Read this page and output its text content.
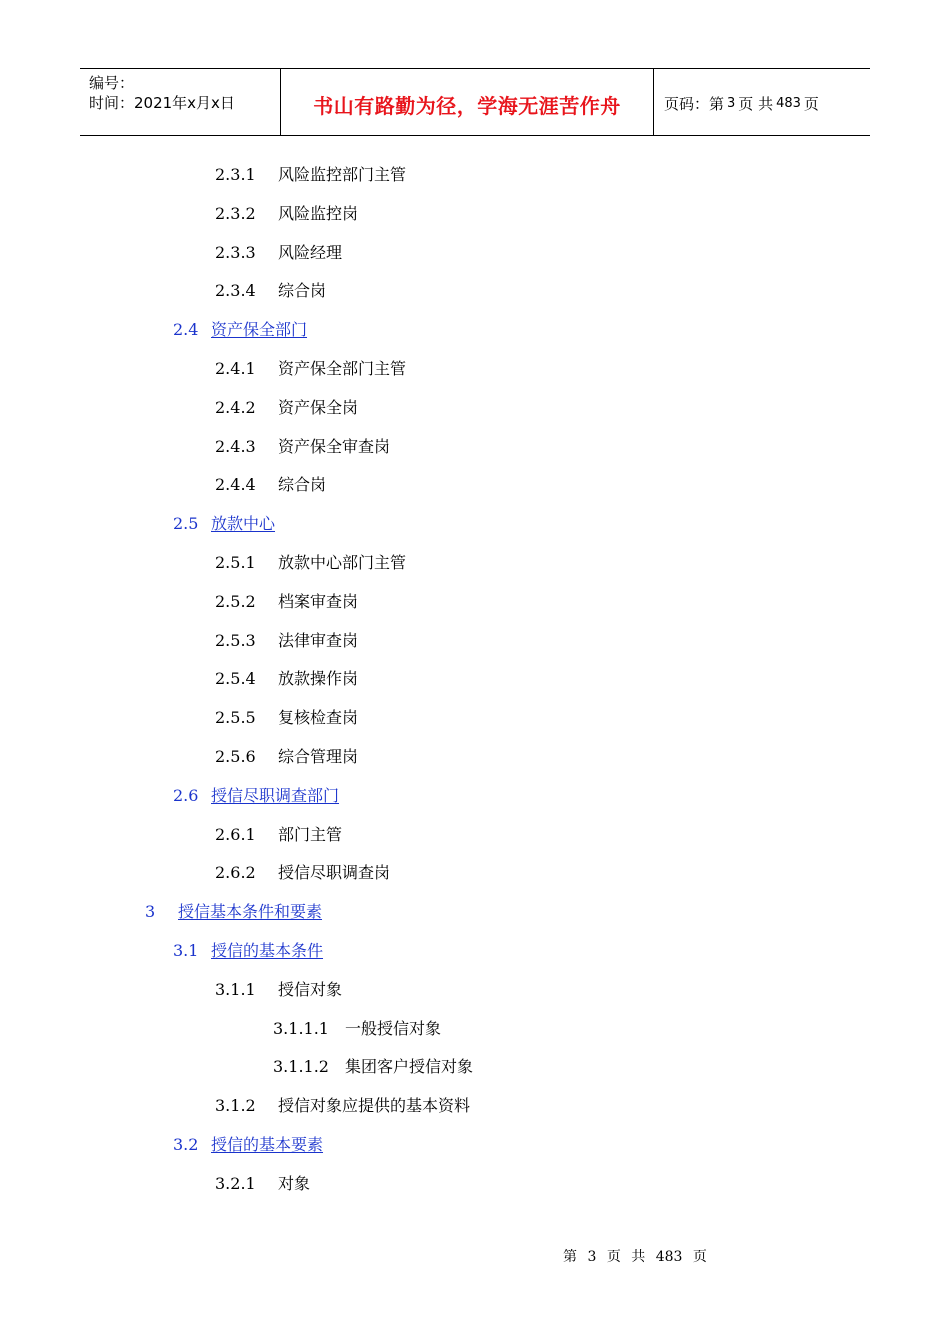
编号：
时间：2021年x月x日	书山有路勤为径，学海无涯苦作舟	页码：第 3 页 共 483 页
2.3.1 风险监控部门主管
2.3.2 风险监控岗
2.3.3 风险经理
2.3.4 综合岗
2.4 资产保全部门
2.4.1 资产保全部门主管
2.4.2 资产保全岗
2.4.3 资产保全审查岗
2.4.4 综合岗
2.5 放款中心
2.5.1 放款中心部门主管
2.5.2 档案审查岗
2.5.3 法律审查岗
2.5.4 放款操作岗
2.5.5 复核检查岗
2.5.6 综合管理岗
2.6 授信尽职调查部门
2.6.1 部门主管
2.6.2 授信尽职调查岗
3 授信基本条件和要素
3.1 授信的基本条件
3.1.1 授信对象
3.1.1.1 一般授信对象
3.1.1.2 集团客户授信对象
3.1.2 授信对象应提供的基本资料
3.2 授信的基本要素
3.2.1 对象
第 3 页 共 483 页
